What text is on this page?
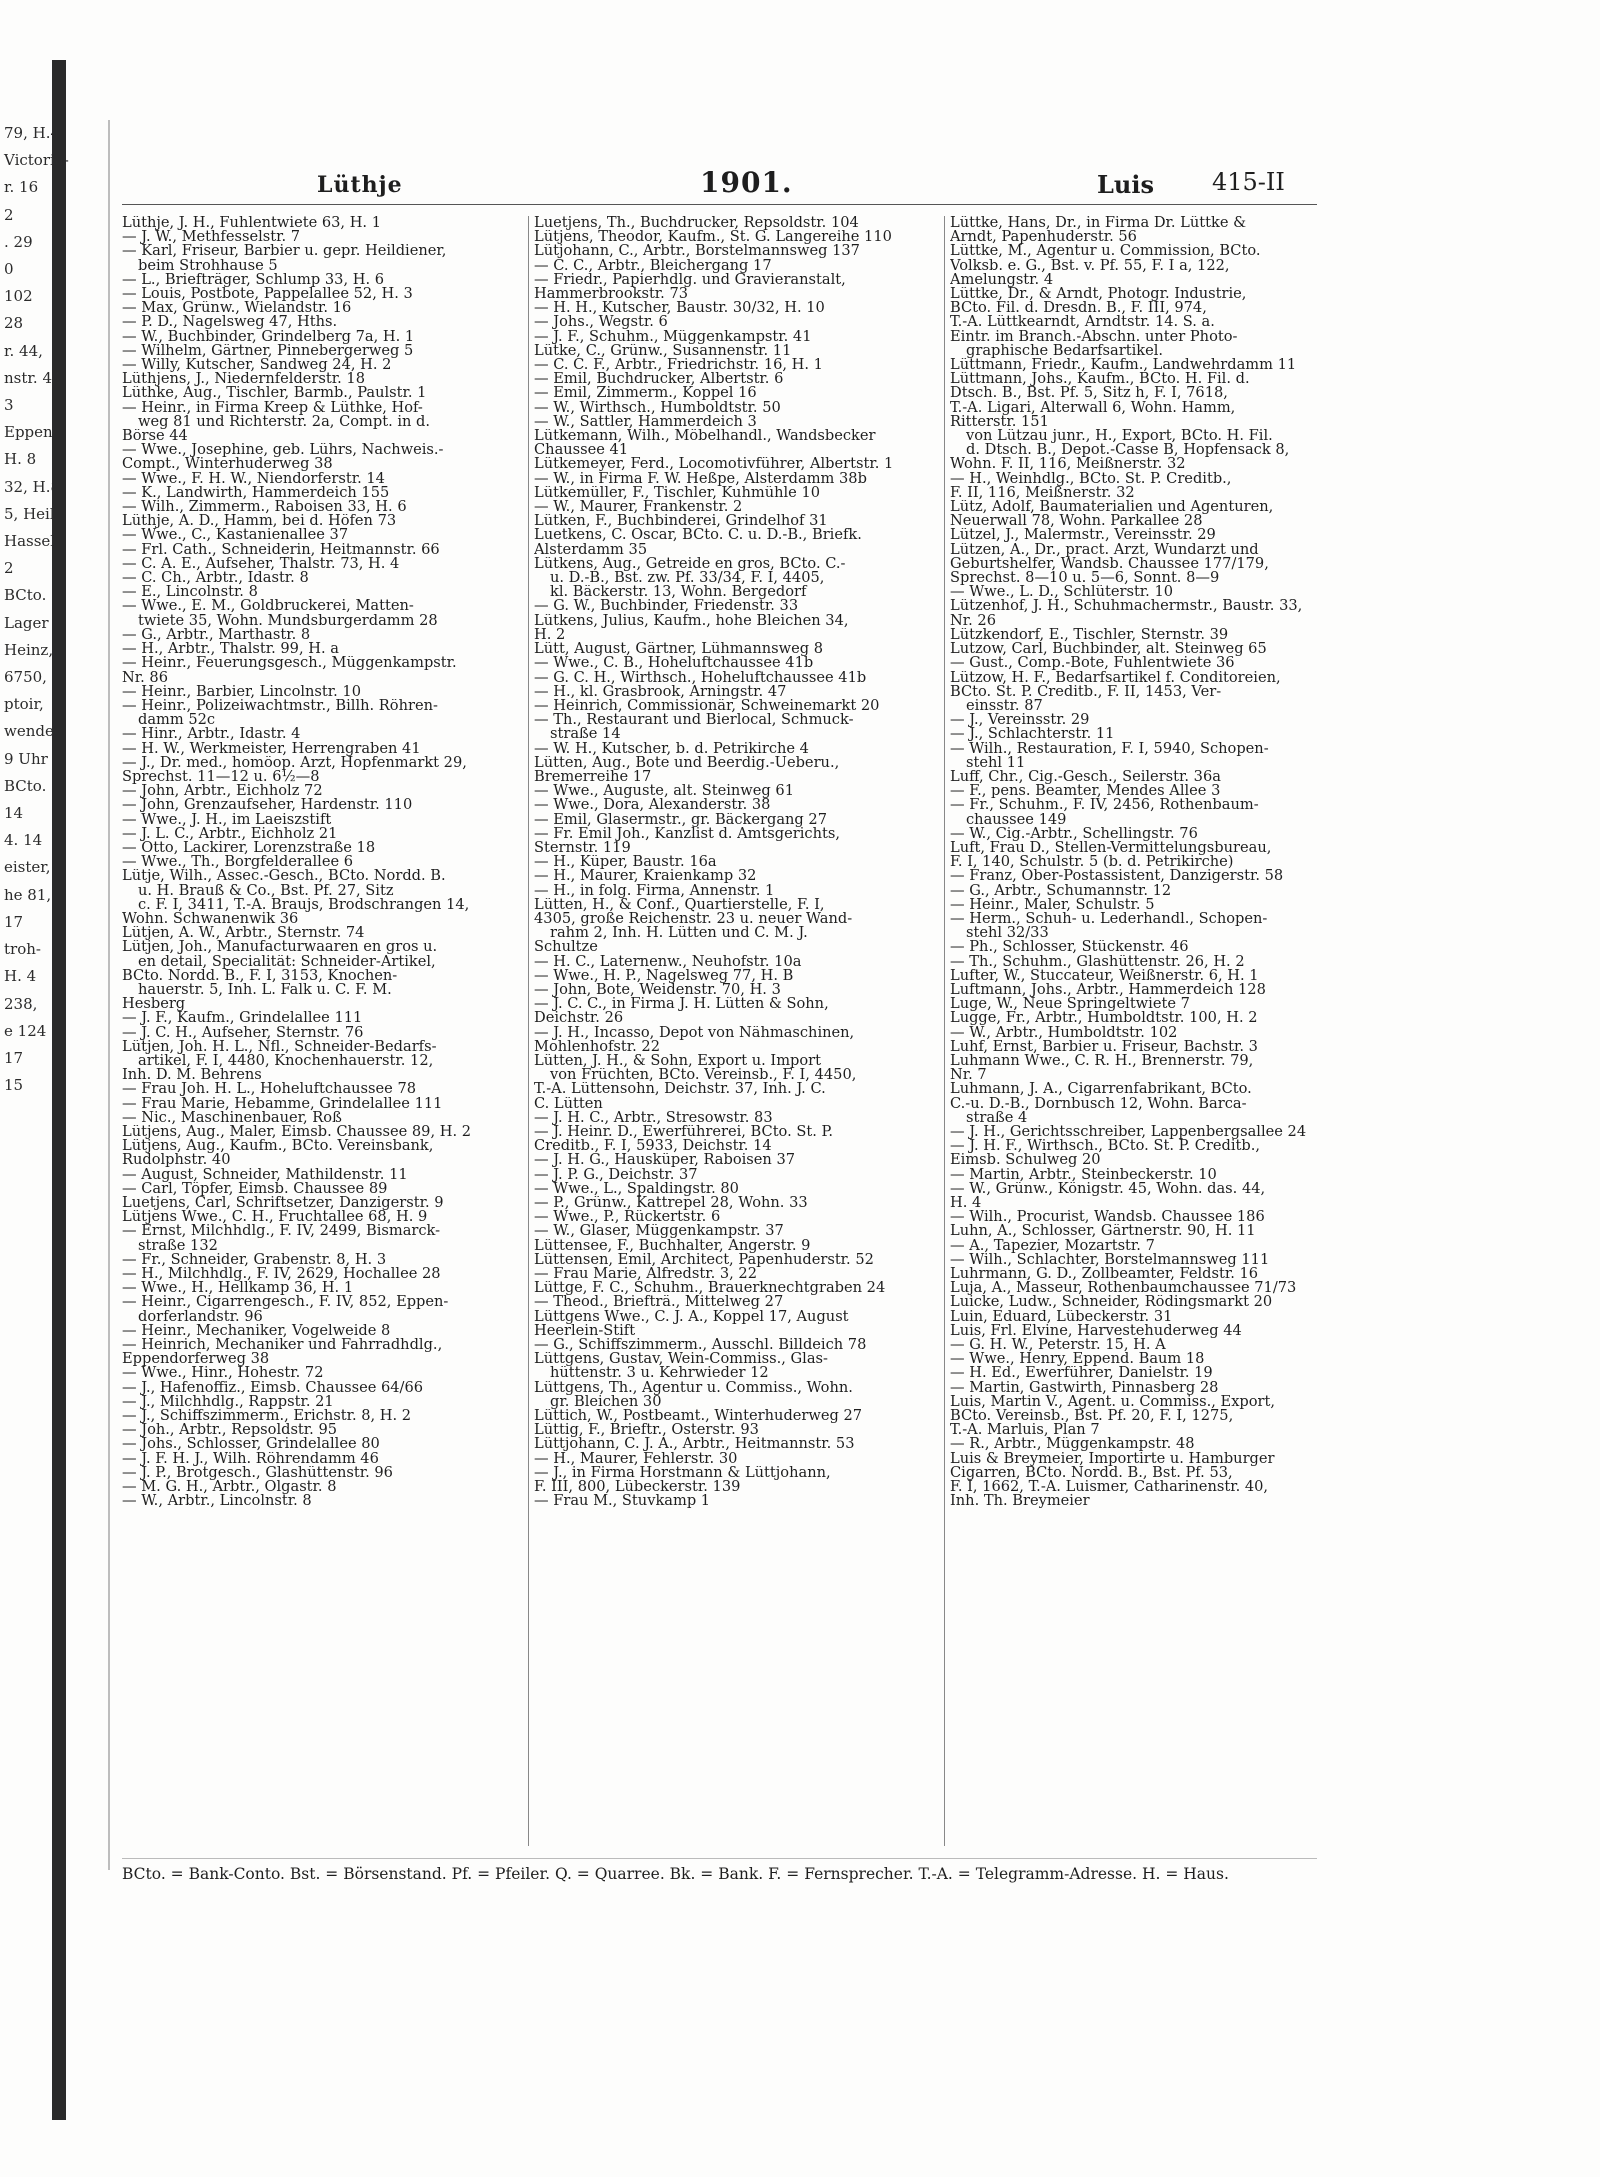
79, H.4
Victoria-
r. 16
2
. 29
0
102
28
r. 44,
nstr. 44
3
Eppen-
H. 8
32, H.8
5, Heil-
Hassel-
2
BCto.
Lager
Heinz,
6750,
ptoir,
wendeg
9 Uhr
BCto.
14
4. 14
eister,
he 81,
17
troh-
H. 4
238,
e 124
17
15
Lüthje	1901.	Luis 415-II
Lüthje, J. H., Fuhlentwiete 63, H. 1
— J. W., Methfesselstr. 7
— Karl, Friseur, Barbier u. gepr. Heildiener,
beim Strohhause 5
— L., Briefträger, Schlump 33, H. 6
— Louis, Postbote, Pappelallee 52, H. 3
— Max, Grünw., Wielandstr. 16
— P. D., Nagelsweg 47, Hths.
— W., Buchbinder, Grindelberg 7a, H. 1
— Wilhelm, Gärtner, Pinnebergerweg 5
— Willy, Kutscher, Sandweg 24, H. 2
Lüthjens, J., Niedernfelderstr. 18
Lüthke, Aug., Tischler, Barmb., Paulstr. 1
— Heinr., in Firma Kreep & Lüthke, Hof-
weg 81 und Richterstr. 2a, Compt. in d.
Börse 44
— Wwe., Josephine, geb. Lührs, Nachweis.-
Compt., Winterhuderweg 38
— Wwe., F. H. W., Niendorferstr. 14
— K., Landwirth, Hammerdeich 155
— Wilh., Zimmerm., Raboisen 33, H. 6
Lüthje, A. D., Hamm, bei d. Höfen 73
— Wwe., C., Kastanienallee 37
— Frl. Cath., Schneiderin, Heitmannstr. 66
— C. A. E., Aufseher, Thalstr. 73, H. 4
— C. Ch., Arbtr., Idastr. 8
— E., Lincolnstr. 8
— Wwe., E. M., Goldbruckerei, Matten-
twiete 35, Wohn. Mundsburgerdamm 28
— G., Arbtr., Marthastr. 8
— H., Arbtr., Thalstr. 99, H. a
— Heinr., Feuerungsgesch., Müggenkampstr.
Nr. 86
— Heinr., Barbier, Lincolnstr. 10
— Heinr., Polizeiwachtmstr., Billh. Röhren-
damm 52c
— Hinr., Arbtr., Idastr. 4
— H. W., Werkmeister, Herrengraben 41
— J., Dr. med., homöop. Arzt, Hopfenmarkt 29,
Sprechst. 11—12 u. 6½—8
— John, Arbtr., Eichholz 72
— John, Grenzaufseher, Hardenstr. 110
— Wwe., J. H., im Laeiszstift
— J. L. C., Arbtr., Eichholz 21
— Otto, Lackirer, Lorenzstraße 18
— Wwe., Th., Borgfelderallee 6
Lütje, Wilh., Assec.-Gesch., BCto. Nordd. B.
u. H. Brauß & Co., Bst. Pf. 27, Sitz
c. F. I, 3411, T.-A. Braujs, Brodschrangen 14,
Wohn. Schwanenwik 36
Lütjen, A. W., Arbtr., Sternstr. 74
Lütjen, Joh., Manufacturwaaren en gros u.
en detail, Specialität: Schneider-Artikel,
BCto. Nordd. B., F. I, 3153, Knochen-
hauerstr. 5, Inh. L. Falk u. C. F. M.
Hesberg
— J. F., Kaufm., Grindelallee 111
— J. C. H., Aufseher, Sternstr. 76
Lütjen, Joh. H. L., Nfl., Schneider-Bedarfs-
artikel, F. I, 4480, Knochenhauerstr. 12,
Inh. D. M. Behrens
— Frau Joh. H. L., Hoheluftchaussee 78
— Frau Marie, Hebamme, Grindelallee 111
— Nic., Maschinenbauer, Roß
Lütjens, Aug., Maler, Eimsb. Chaussee 89, H. 2
Lütjens, Aug., Kaufm., BCto. Vereinsbank,
Rudolphstr. 40
— August, Schneider, Mathildenstr. 11
— Carl, Töpfer, Eimsb. Chaussee 89
Luetjens, Carl, Schriftsetzer, Danzigerstr. 9
Lütjens Wwe., C. H., Fruchtallee 68, H. 9
— Ernst, Milchhdlg., F. IV, 2499, Bismarck-
straße 132
— Fr., Schneider, Grabenstr. 8, H. 3
— H., Milchhdlg., F. IV, 2629, Hochallee 28
— Wwe., H., Hellkamp 36, H. 1
— Heinr., Cigarrengesch., F. IV, 852, Eppen-
dorferlandstr. 96
— Heinr., Mechaniker, Vogelweide 8
— Heinrich, Mechaniker und Fahrradhdlg.,
Eppendorferweg 38
— Wwe., Hinr., Hohestr. 72
— J., Hafenoffiz., Eimsb. Chaussee 64/66
— J., Milchhdlg., Rappstr. 21
— J., Schiffszimmerm., Erichstr. 8, H. 2
— Joh., Arbtr., Repsoldstr. 95
— Johs., Schlosser, Grindelallee 80
— J. F. H. J., Wilh. Röhrendamm 46
— J. P., Brotgesch., Glashüttenstr. 96
— M. G. H., Arbtr., Olgastr. 8
— W., Arbtr., Lincolnstr. 8
Luetjens, Th., Buchdrucker, Repsoldstr. 104
Lütjens, Theodor, Kaufm., St. G. Langereihe 110
Lütjohann, C., Arbtr., Borstelmannsweg 137
— C. C., Arbtr., Bleichergang 17
— Friedr., Papierhdlg. und Gravieranstalt,
Hammerbrookstr. 73
— H. H., Kutscher, Baustr. 30/32, H. 10
— Johs., Wegstr. 6
— J. F., Schuhm., Müggenkampstr. 41
Lütke, C., Grünw., Susannenstr. 11
— C. C. F., Arbtr., Friedrichstr. 16, H. 1
— Emil, Buchdrucker, Albertstr. 6
— Emil, Zimmerm., Koppel 16
— W., Wirthsch., Humboldtstr. 50
— W., Sattler, Hammerdeich 3
Lütkemann, Wilh., Möbelhandl., Wandsbecker
Chaussee 41
Lütkemeyer, Ferd., Locomotivführer, Albertstr. 1
— W., in Firma F. W. Heßpe, Alsterdamm 38b
Lütkemüller, F., Tischler, Kuhmühle 10
— W., Maurer, Frankenstr. 2
Lütken, F., Buchbinderei, Grindelhof 31
Luetkens, C. Oscar, BCto. C. u. D.-B., Briefk.
Alsterdamm 35
Lütkens, Aug., Getreide en gros, BCto. C.-
u. D.-B., Bst. zw. Pf. 33/34, F. I, 4405,
kl. Bäckerstr. 13, Wohn. Bergedorf
— G. W., Buchbinder, Friedenstr. 33
Lütkens, Julius, Kaufm., hohe Bleichen 34,
H. 2
Lütt, August, Gärtner, Lühmannsweg 8
— Wwe., C. B., Hoheluftchaussee 41b
— G. C. H., Wirthsch., Hoheluftchaussee 41b
— H., kl. Grasbrook, Arningstr. 47
— Heinrich, Commissionär, Schweinemarkt 20
— Th., Restaurant und Bierlocal, Schmuck-
straße 14
— W. H., Kutscher, b. d. Petrikirche 4
Lütten, Aug., Bote und Beerdig.-Ueberu.,
Bremerreihe 17
— Wwe., Auguste, alt. Steinweg 61
— Wwe., Dora, Alexanderstr. 38
— Emil, Glasermstr., gr. Bäckergang 27
— Fr. Emil Joh., Kanzlist d. Amtsgerichts,
Sternstr. 119
— H., Küper, Baustr. 16a
— H., Maurer, Kraienkamp 32
— H., in folg. Firma, Annenstr. 1
Lütten, H., & Conf., Quartierstelle, F. I,
4305, große Reichenstr. 23 u. neuer Wand-
rahm 2, Inh. H. Lütten und C. M. J.
Schultze
— H. C., Laternenw., Neuhofstr. 10a
— Wwe., H. P., Nagelsweg 77, H. B
— John, Bote, Weidenstr. 70, H. 3
— J. C. C., in Firma J. H. Lütten & Sohn,
Deichstr. 26
— J. H., Incasso, Depot von Nähmaschinen,
Mohlenhofstr. 22
Lütten, J. H., & Sohn, Export u. Import
von Früchten, BCto. Vereinsb., F. I, 4450,
T.-A. Lüttensohn, Deichstr. 37, Inh. J. C.
C. Lütten
— J. H. C., Arbtr., Stresowstr. 83
— J. Heinr. D., Ewerführerei, BCto. St. P.
Creditb., F. I, 5933, Deichstr. 14
— J. H. G., Hausküper, Raboisen 37
— J. P. G., Deichstr. 37
— Wwe., L., Spaldingstr. 80
— P., Grünw., Kattrepel 28, Wohn. 33
— Wwe., P., Rückertstr. 6
— W., Glaser, Müggenkampstr. 37
Lüttensee, F., Buchhalter, Angerstr. 9
Lüttensen, Emil, Architect, Papenhuderstr. 52
— Frau Marie, Alfredstr. 3, 22
Lüttge, F. C., Schuhm., Brauerknechtgraben 24
— Theod., Briefträ., Mittelweg 27
Lüttgens Wwe., C. J. A., Koppel 17, August
Heerlein-Stift
— G., Schiffszimmerm., Ausschl. Billdeich 78
Lüttgens, Gustav, Wein-Commiss., Glas-
hüttenstr. 3 u. Kehrwieder 12
Lüttgens, Th., Agentur u. Commiss., Wohn.
gr. Bleichen 30
Lüttich, W., Postbeamt., Winterhuderweg 27
Lüttig, F., Brieftr., Osterstr. 93
Lüttjohann, C. J. A., Arbtr., Heitmannstr. 53
— H., Maurer, Fehlerstr. 30
— J., in Firma Horstmann & Lüttjohann,
F. III, 800, Lübeckerstr. 139
— Frau M., Stuvkamp 1
Lüttke, Hans, Dr., in Firma Dr. Lüttke &
Arndt, Papenhuderstr. 56
Lüttke, M., Agentur u. Commission, BCto.
Volksb. e. G., Bst. v. Pf. 55, F. I a, 122,
Amelungstr. 4
Lüttke, Dr., & Arndt, Photogr. Industrie,
BCto. Fil. d. Dresdn. B., F. III, 974,
T.-A. Lüttkearndt, Arndtstr. 14. S. a.
Eintr. im Branch.-Abschn. unter Photo-
graphische Bedarfsartikel.
Lüttmann, Friedr., Kaufm., Landwehrdamm 11
Lüttmann, Johs., Kaufm., BCto. H. Fil. d.
Dtsch. B., Bst. Pf. 5, Sitz h, F. I, 7618,
T.-A. Ligari, Alterwall 6, Wohn. Hamm,
Ritterstr. 151
von Lützau junr., H., Export, BCto. H. Fil.
d. Dtsch. B., Depot.-Casse B, Hopfensack 8,
Wohn. F. II, 116, Meißnerstr. 32
— H., Weinhdlg., BCto. St. P. Creditb.,
F. II, 116, Meißnerstr. 32
Lütz, Adolf, Baumaterialien und Agenturen,
Neuerwall 78, Wohn. Parkallee 28
Lützel, J., Malermstr., Vereinsstr. 29
Lützen, A., Dr., pract. Arzt, Wundarzt und
Geburtshelfer, Wandsb. Chaussee 177/179,
Sprechst. 8—10 u. 5—6, Sonnt. 8—9
— Wwe., L. D., Schlüterstr. 10
Lützenhof, J. H., Schuhmachermstr., Baustr. 33,
Nr. 26
Lützkendorf, E., Tischler, Sternstr. 39
Lutzow, Carl, Buchbinder, alt. Steinweg 65
— Gust., Comp.-Bote, Fuhlentwiete 36
Lützow, H. F., Bedarfsartikel f. Conditoreien,
BCto. St. P. Creditb., F. II, 1453, Ver-
einsstr. 87
— J., Vereinsstr. 29
— J., Schlachterstr. 11
— Wilh., Restauration, F. I, 5940, Schopen-
stehl 11
Luff, Chr., Cig.-Gesch., Seilerstr. 36a
— F., pens. Beamter, Mendes Allee 3
— Fr., Schuhm., F. IV, 2456, Rothenbaum-
chaussee 149
— W., Cig.-Arbtr., Schellingstr. 76
Luft, Frau D., Stellen-Vermittelungsbureau,
F. I, 140, Schulstr. 5 (b. d. Petrikirche)
— Franz, Ober-Postassistent, Danzigerstr. 58
— G., Arbtr., Schumannstr. 12
— Heinr., Maler, Schulstr. 5
— Herm., Schuh- u. Lederhandl., Schopen-
stehl 32/33
— Ph., Schlosser, Stückenstr. 46
— Th., Schuhm., Glashüttenstr. 26, H. 2
Lufter, W., Stuccateur, Weißnerstr. 6, H. 1
Luftmann, Johs., Arbtr., Hammerdeich 128
Luge, W., Neue Springeltwiete 7
Lugge, Fr., Arbtr., Humboldtstr. 100, H. 2
— W., Arbtr., Humboldtstr. 102
Luhf, Ernst, Barbier u. Friseur, Bachstr. 3
Luhmann Wwe., C. R. H., Brennerstr. 79,
Nr. 7
Luhmann, J. A., Cigarrenfabrikant, BCto.
C.-u. D.-B., Dornbusch 12, Wohn. Barca-
straße 4
— J. H., Gerichtsschreiber, Lappenbergsallee 24
— J. H. F., Wirthsch., BCto. St. P. Creditb.,
Eimsb. Schulweg 20
— Martin, Arbtr., Steinbeckerstr. 10
— W., Grünw., Königstr. 45, Wohn. das. 44,
H. 4
— Wilh., Procurist, Wandsb. Chaussee 186
Luhn, A., Schlosser, Gärtnerstr. 90, H. 11
— A., Tapezier, Mozartstr. 7
— Wilh., Schlachter, Borstelmannsweg 111
Luhrmann, G. D., Zollbeamter, Feldstr. 16
Luja, A., Masseur, Rothenbaumchaussee 71/73
Luicke, Ludw., Schneider, Rödingsmarkt 20
Luin, Eduard, Lübeckerstr. 31
Luis, Frl. Elvine, Harvestehuderweg 44
— G. H. W., Peterstr. 15, H. A
— Wwe., Henry, Eppend. Baum 18
— H. Ed., Ewerführer, Danielstr. 19
— Martin, Gastwirth, Pinnasberg 28
Luis, Martin V., Agent. u. Commiss., Export,
BCto. Vereinsb., Bst. Pf. 20, F. I, 1275,
T.-A. Marluis, Plan 7
— R., Arbtr., Müggenkampstr. 48
Luis & Breymeier, Importirte u. Hamburger
Cigarren, BCto. Nordd. B., Bst. Pf. 53,
F. I, 1662, T.-A. Luismer, Catharinenstr. 40,
Inh. Th. Breymeier
BCto. = Bank-Conto. Bst. = Börsenstand. Pf. = Pfeiler. Q. = Quarree. Bk. = Bank. F. = Fernsprecher. T.-A. = Telegramm-Adresse. H. = Haus.
